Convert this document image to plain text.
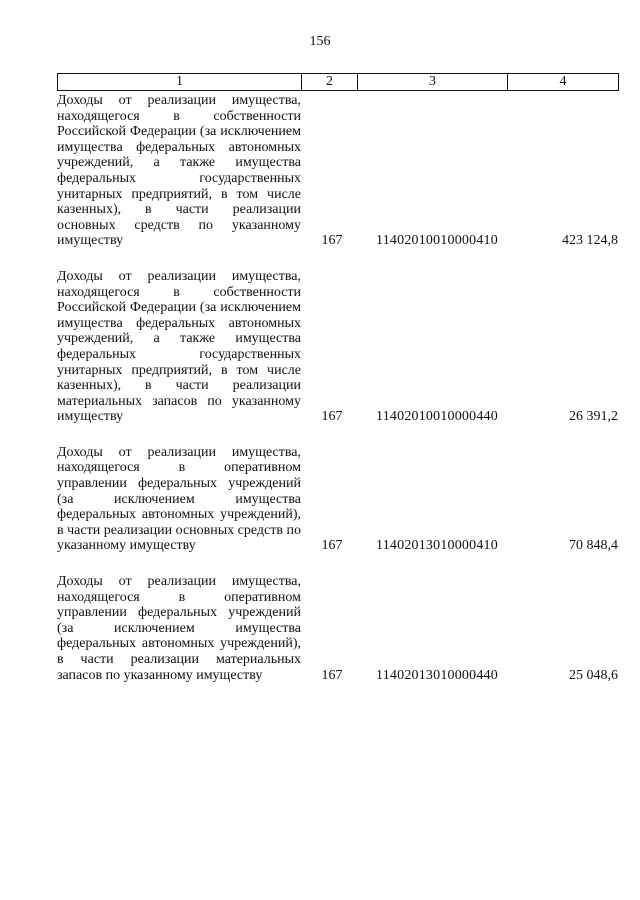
156
1	2	3	4
Доходы от реализации имущества, находящегося в собственности Российской Федерации (за исключением имущества федеральных автономных учреждений, а также имущества федеральных государственных унитарных предприятий, в том числе казенных), в части реализации основных средств по указанному имуществу	167	11402010010000410	423 124,8
Доходы от реализации имущества, находящегося в собственности Российской Федерации (за исключением имущества федеральных автономных учреждений, а также имущества федеральных государственных унитарных предприятий, в том числе казенных), в части реализации материальных запасов по указанному имуществу	167	11402010010000440	26 391,2
Доходы от реализации имущества, находящегося в оперативном управлении федеральных учреждений (за исключением имущества федеральных автономных учреждений), в части реализации основных средств по указанному имуществу	167	11402013010000410	70 848,4
Доходы от реализации имущества, находящегося в оперативном управлении федеральных учреждений (за исключением имущества федеральных автономных учреждений), в части реализации материальных запасов по указанному имуществу	167	11402013010000440	25 048,6
